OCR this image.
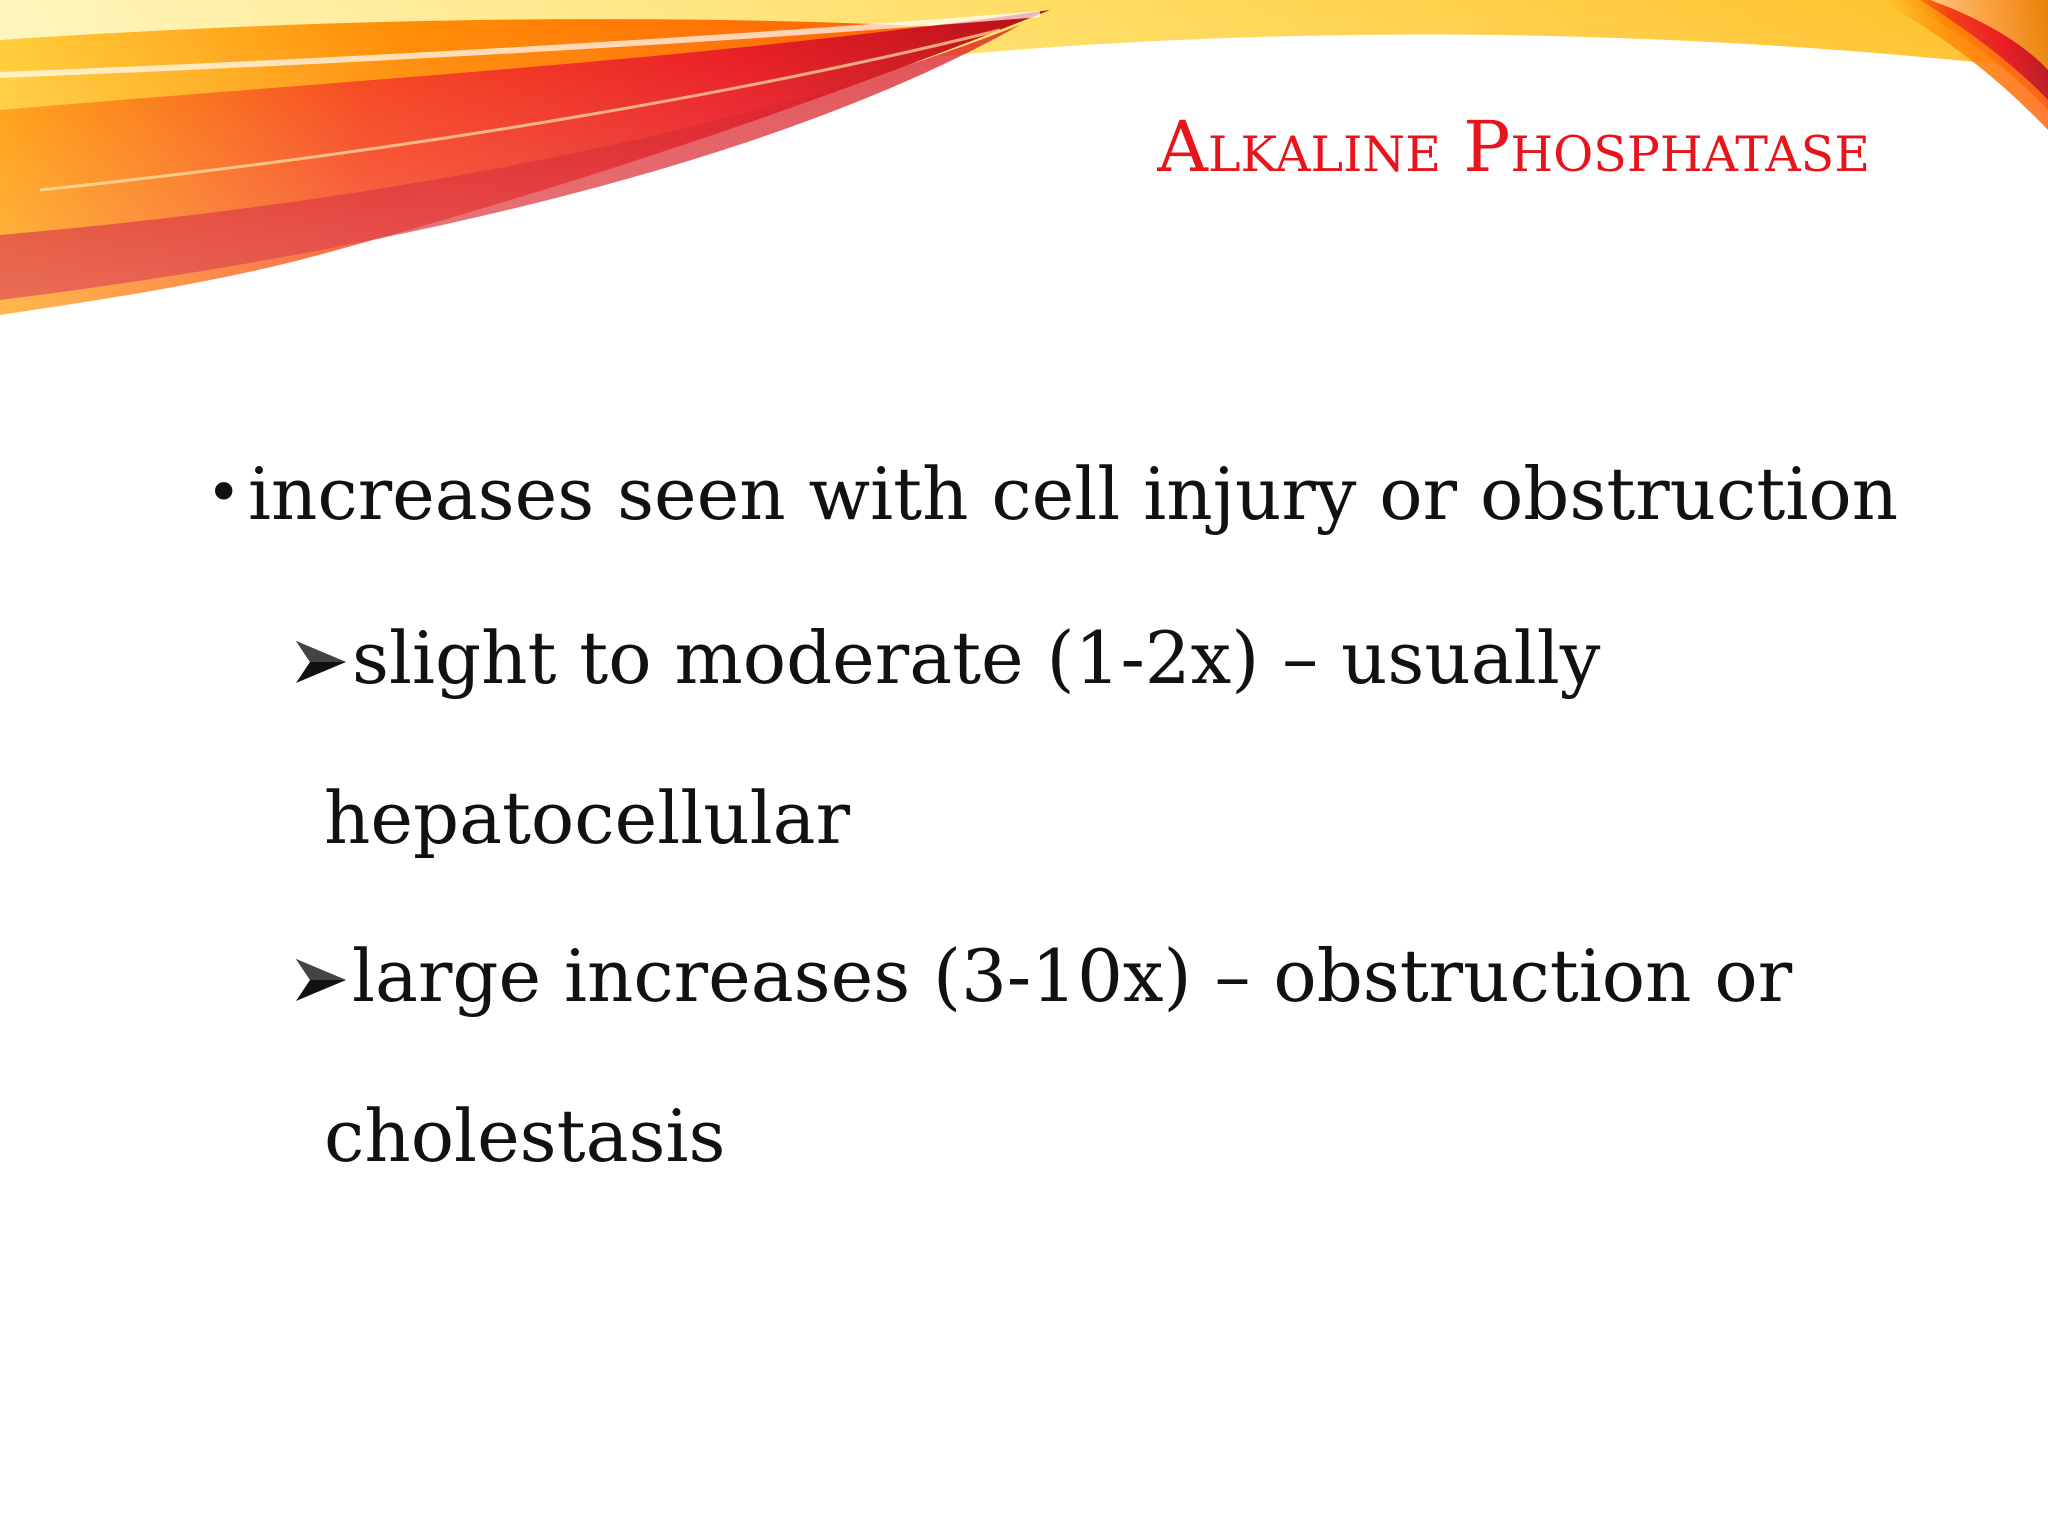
Alkaline Phosphatase
•increases seen with cell injury or obstruction
slight to moderate (1-2x) – usually
hepatocellular
large increases (3-10x) – obstruction or
cholestasis
